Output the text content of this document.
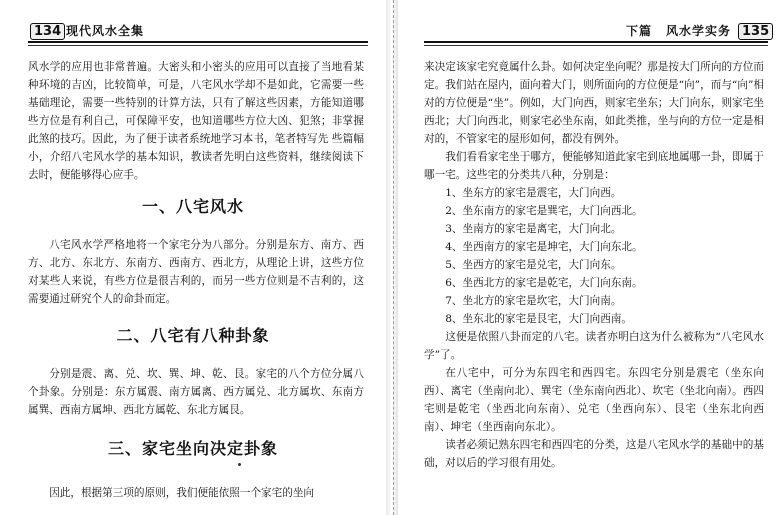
134 现代风水全集

风水学的应用也非常普遍。大密头和小密头的应用可以直接了当地看某种环境的吉凶，比较简单，可是，八宅风水学却不是如此，它需要一些基础理论，需要一些特别的计算方法，只有了解这些因素，方能知道哪些方位是有利自己，可保障平安，也知道哪些方位大凶、犯煞；非掌握此煞的技巧。因此，为了便于读者系统地学习本书，笔者特写先 些篇幅小，介绍八宅风水学的基本知识，教读者先明白这些资料，继续阅读下去时，便能够得心应手。

一、八宅风水

八宅风水学严格地将一个家宅分为八部分。分别是东方、南方、西方、北方、东北方、东南方、西南方、西北方，从理论上讲，这些方位对某些人来说，有些方位是很吉利的，而另一些方位则是不吉利的，这需要通过研究个人的命卦而定。

二、八宅有八种卦象

分别是震、离、兑、坎、巽、坤、乾、艮。家宅的八个方位分属八个卦象。分别是：东方属震、南方属离、西方属兑、北方属坎、东南方属巽、西南方属坤、西北方属乾、东北方属艮。

三、家宅坐向决定卦象

因此，根据第三项的原则，我们便能依照一个家宅的坐向

下篇 风水学实务 135

来决定该家宅究竟属什么卦。如何决定坐向呢？那是按大门所向的方位而定。我们站在屋内，面向着大门，则所面向的方位便是“向”，而与“向”相对的方位便是“坐”。例如，大门向西，则家宅坐东；大门向东，则家宅坐西北；大门向西北，则家宅必坐东南，如此类推，坐与向的方位一定是相对的，不管家宅的屋形如何，都没有例外。

我们看看家宅坐于哪方，便能够知道此家宅到底地属哪一卦，即属于哪一宅。这些宅的分类共八种，分别是：

1、坐东方的家宅是震宅，大门向西。

2、坐东南方的家宅是巽宅，大门向西北。

3、坐南方的家宅是离宅，大门向北。

4、坐西南方的家宅是坤宅，大门向东北。

5、坐西方的家宅是兑宅，大门向东。

6、坐西北方的家宅是乾宅，大门向东南。

7、坐北方的家宅是坎宅，大门向南。

8、坐东北的家宅是艮宅，大门向西南。

这便是依照八卦而定的八宅。读者亦明白这为什么被称为“八宅风水学”了。

在八宅中，可分为东四宅和西四宅。东四宅分别是震宅（坐东向西）、离宅（坐南向北）、巽宅（坐东南向西北）、坎宅（坐北向南）。西四宅则是乾宅（坐西北向东南）、兑宅（坐西向东）、艮宅（坐东北向西南）、坤宅（坐西南向东北）。

读者必须记熟东四宅和西四宅的分类，这是八宅风水学的基础中的基础，对以后的学习很有用处。
